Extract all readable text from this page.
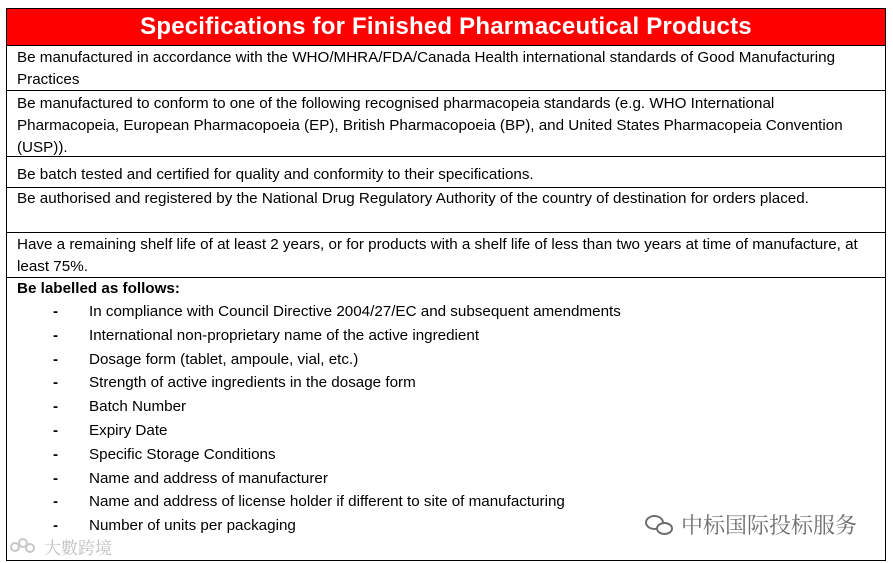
Specifications for Finished Pharmaceutical Products
Be manufactured in accordance with the WHO/MHRA/FDA/Canada Health international standards of Good Manufacturing Practices
Be manufactured to conform to one of the following recognised pharmacopeia standards (e.g. WHO International Pharmacopeia, European Pharmacopoeia (EP), British Pharmacopoeia (BP), and United States Pharmacopeia Convention (USP)).
Be batch tested and certified for quality and conformity to their specifications.
Be authorised and registered by the National Drug Regulatory Authority of the country of destination for orders placed.
Have a remaining shelf life of at least 2 years, or for products with a shelf life of less than two years at time of manufacture, at least 75%.
Be labelled as follows:
- In compliance with Council Directive 2004/27/EC and subsequent amendments
- International non-proprietary name of the active ingredient
- Dosage form (tablet, ampoule, vial, etc.)
- Strength of active ingredients in the dosage form
- Batch Number
- Expiry Date
- Specific Storage Conditions
- Name and address of manufacturer
- Name and address of license holder if different to site of manufacturing
- Number of units per packaging
大數跨境
中标国际投标服务
